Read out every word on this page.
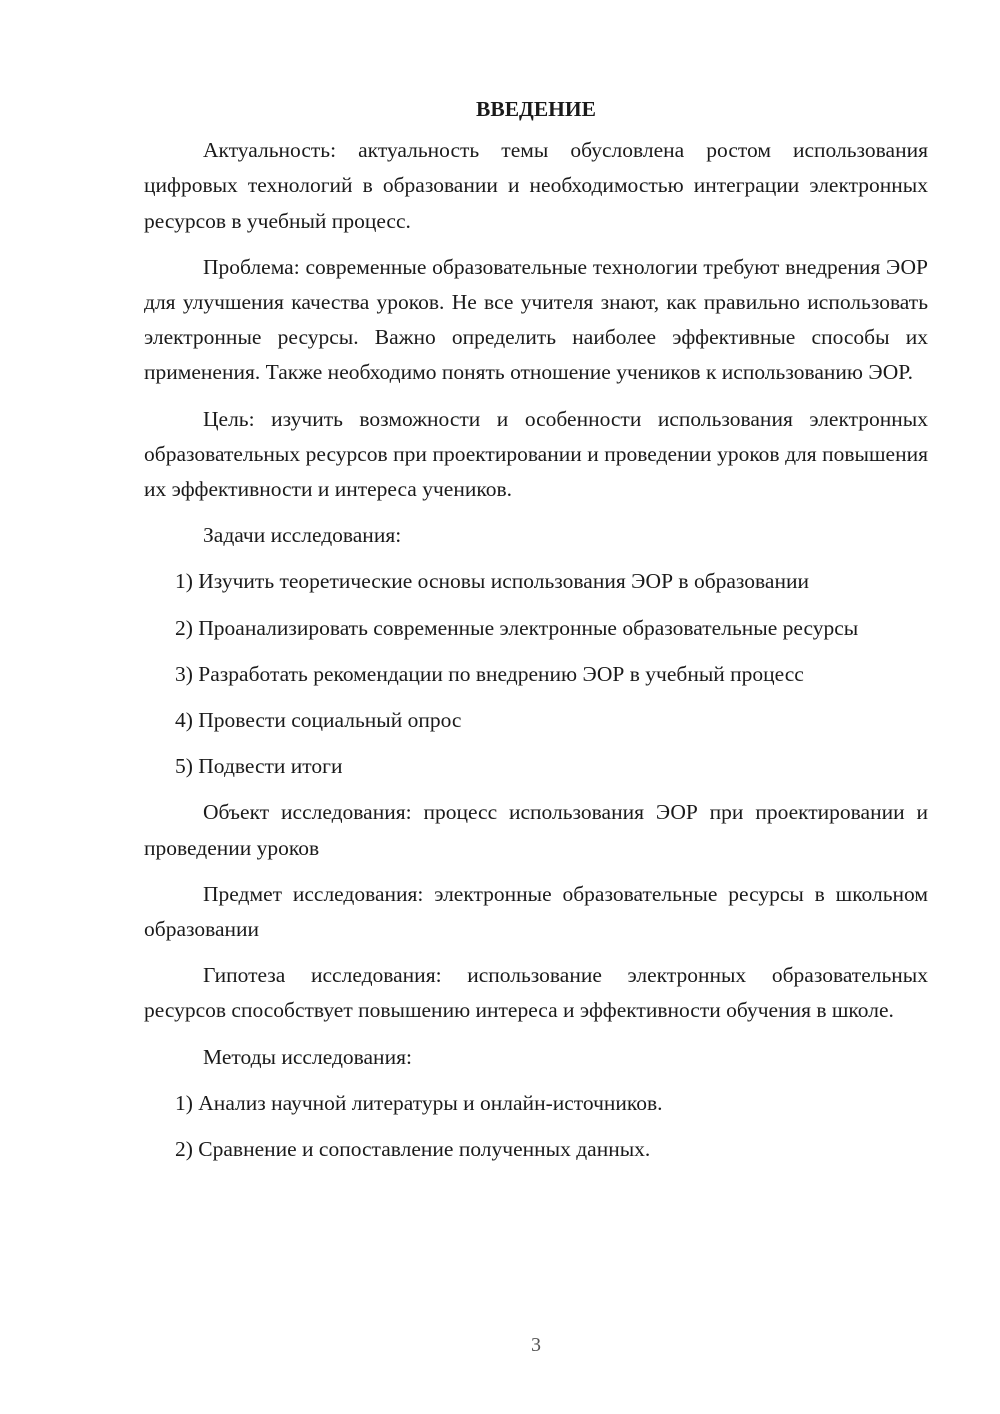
ВВЕДЕНИЕ

Актуальность: актуальность темы обусловлена ростом использования цифровых технологий в образовании и необходимостью интеграции электронных ресурсов в учебный процесс.

Проблема: современные образовательные технологии требуют внедрения ЭОР для улучшения качества уроков. Не все учителя знают, как правильно использовать электронные ресурсы. Важно определить наиболее эффективные способы их применения. Также необходимо понять отношение учеников к использованию ЭОР.

Цель: изучить возможности и особенности использования электронных образовательных ресурсов при проектировании и проведении уроков для повышения их эффективности и интереса учеников.

Задачи исследования:

1) Изучить теоретические основы использования ЭОР в образовании

2) Проанализировать современные электронные образовательные ресурсы

3) Разработать рекомендации по внедрению ЭОР в учебный процесс

4) Провести социальный опрос

5) Подвести итоги

Объект исследования: процесс использования ЭОР при проектировании и проведении уроков

Предмет исследования: электронные образовательные ресурсы в школьном образовании

Гипотеза исследования: использование электронных образовательных ресурсов способствует повышению интереса и эффективности обучения в школе.

Методы исследования:

1) Анализ научной литературы и онлайн-источников.

2) Сравнение и сопоставление полученных данных.

3
